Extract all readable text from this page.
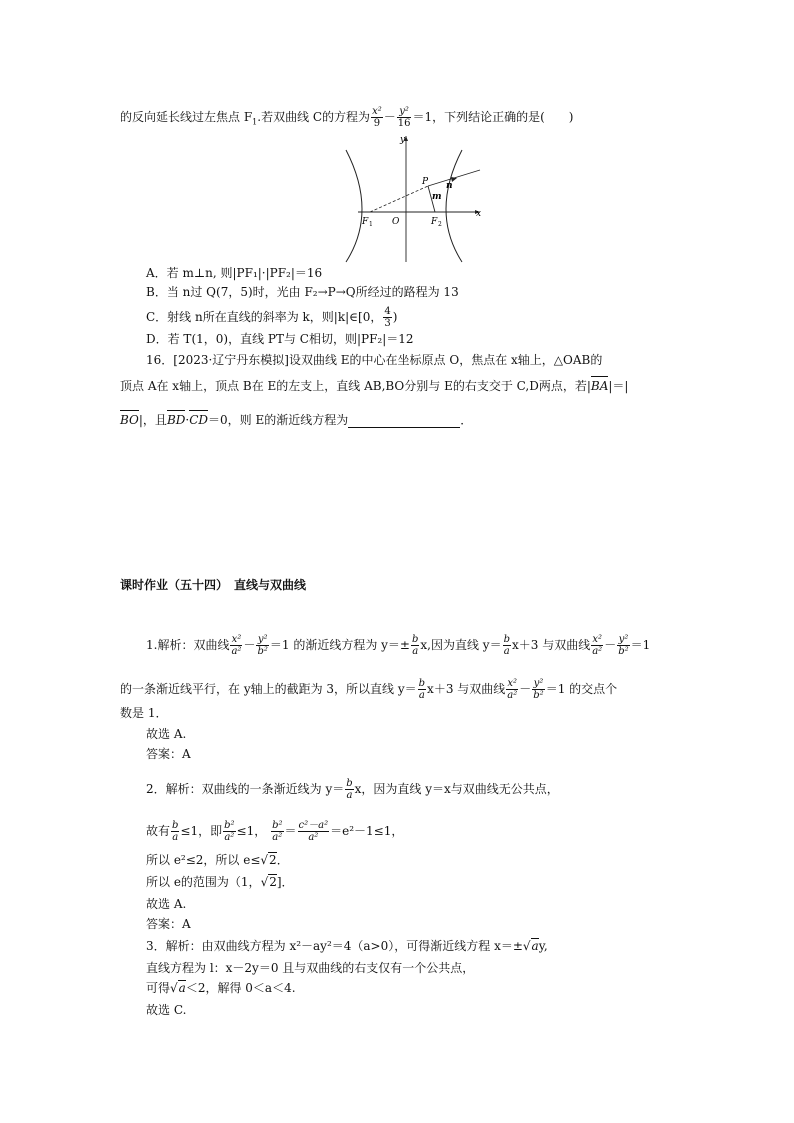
的反向延长线过左焦点 $F_1$.若双曲线 C的方程为 $\frac{\text{x²}}{9} - \frac{\text{y²}}{16} =1$，下列结论正确的是(　　)
y
x
O
F 1	F 2
P n
m
A．若 m⊥n, 则|PF₁|·|PF₂|＝16
B．当 n过 Q(7，5)时，光由 F₂→P→Q所经过的路程为 13
C．射线 n所在直线的斜率为 k，则|k|∈[0， $\frac{4}{3}$ )
D．若 T(1，0)，直线 PT与 C相切，则|PF₂|＝12
16．[2023·辽宁丹东模拟]设双曲线 E的中心在坐标原点 O，焦点在 x轴上，△OAB的
顶点 A在 x轴上，顶点 B在 E的左支上，直线 AB,BO分别与 E的右支交于 C,D两点，若|BA|＝|
BO|，且BD·CD＝0，则 E的渐近线方程为	．
课时作业（五十四）　直线与双曲线
1.解析：双曲线 $\frac{\text{x²}}{\text{a²}} - \frac{\text{y²}}{\text{b²}} =1$ 的渐近线方程为 $y=\pm \frac{b}{a} x$,因为直线 $y= \frac{b}{a} x+3$ 与双曲线 $\frac{\text{x²}}{\text{a²}} - \frac{\text{y²}}{\text{b²}} =1$
的一条渐近线平行，在 y轴上的截距为 3，所以直线 $y= \frac{b}{a} x+3$ 与双曲线 $\frac{\text{x²}}{\text{a²}} - \frac{\text{y²}}{\text{b²}} =1$ 的交点个
数是 1．
故选 A.
答案：A
2．解析：双曲线的一条渐近线为 $y= \frac{b}{a}$ x，因为直线 y＝x与双曲线无公共点，
故有 $\frac{b}{a} \le 1$，即 $\frac{\text{b²}}{\text{a²}} \le 1$， $\frac{\text{b²}}{\text{a²}} = \frac{\text{c²－a²}}{\text{a²}} =e^2-1\le 1$，
所以 e²≤2，所以 e≤√2．
所以 e的范围为（1，√2]．
故选 A.
答案：A
3．解析：由双曲线方程为 x²－ay²＝4（a>0），可得渐近线方程 x＝±√ay,
直线方程为 l：x－2y＝0 且与双曲线的右支仅有一个公共点，
可得√a＜2，解得 0＜a＜4.
故选 C.
